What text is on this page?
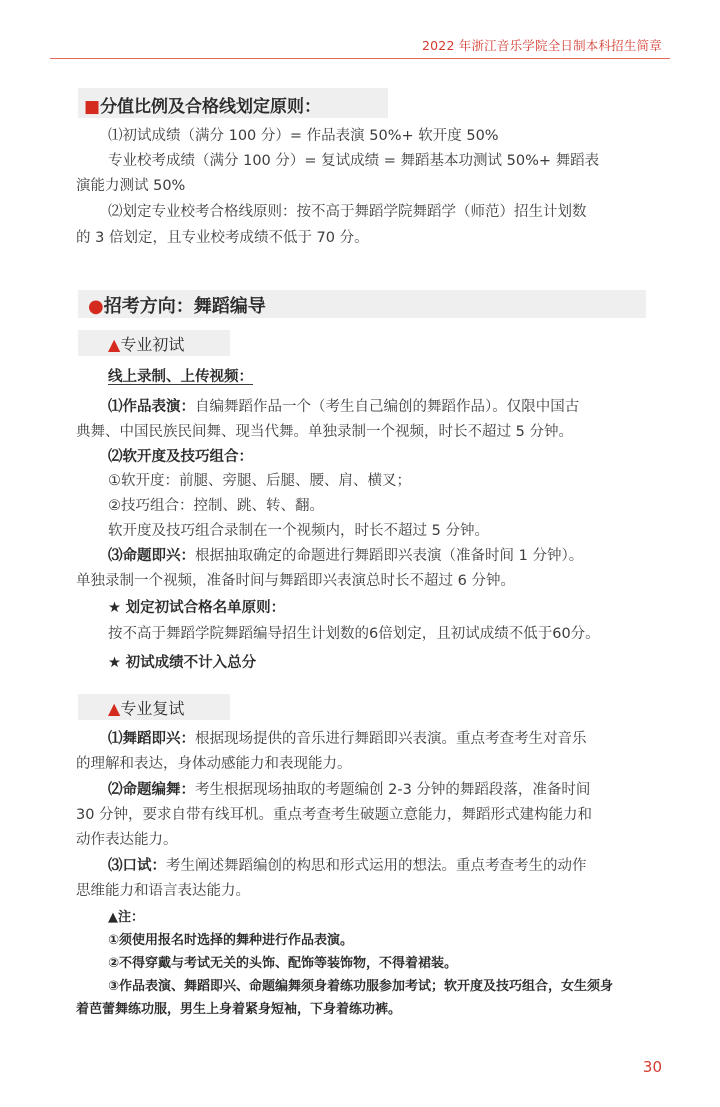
2022 年浙江音乐学院全日制本科招生简章
■分值比例及合格线划定原则：
⑴初试成绩（满分 100 分）= 作品表演 50%+ 软开度 50%
专业校考成绩（满分 100 分）= 复试成绩 = 舞蹈基本功测试 50%+ 舞蹈表
演能力测试 50%
⑵划定专业校考合格线原则：按不高于舞蹈学院舞蹈学（师范）招生计划数
的 3 倍划定，且专业校考成绩不低于 70 分。
●招考方向：舞蹈编导
▲专业初试
线上录制、上传视频：
⑴作品表演：自编舞蹈作品一个（考生自己编创的舞蹈作品）。仅限中国古
典舞、中国民族民间舞、现当代舞。单独录制一个视频，时长不超过 5 分钟。
⑵软开度及技巧组合：
①软开度：前腿、旁腿、后腿、腰、肩、横叉；
②技巧组合：控制、跳、转、翻。
软开度及技巧组合录制在一个视频内，时长不超过 5 分钟。
⑶命题即兴：根据抽取确定的命题进行舞蹈即兴表演（准备时间 1 分钟）。
单独录制一个视频，准备时间与舞蹈即兴表演总时长不超过 6 分钟。
★ 划定初试合格名单原则：
按不高于舞蹈学院舞蹈编导招生计划数的6倍划定，且初试成绩不低于60分。
★ 初试成绩不计入总分
▲专业复试
⑴舞蹈即兴：根据现场提供的音乐进行舞蹈即兴表演。重点考查考生对音乐
的理解和表达，身体动感能力和表现能力。
⑵命题编舞：考生根据现场抽取的考题编创 2-3 分钟的舞蹈段落，准备时间
30 分钟，要求自带有线耳机。重点考查考生破题立意能力，舞蹈形式建构能力和
动作表达能力。
⑶口试：考生阐述舞蹈编创的构思和形式运用的想法。重点考查考生的动作
思维能力和语言表达能力。
▲注：
①须使用报名时选择的舞种进行作品表演。
②不得穿戴与考试无关的头饰、配饰等装饰物，不得着裙装。
③作品表演、舞蹈即兴、命题编舞须身着练功服参加考试；软开度及技巧组合，女生须身
着芭蕾舞练功服，男生上身着紧身短袖，下身着练功裤。
30
